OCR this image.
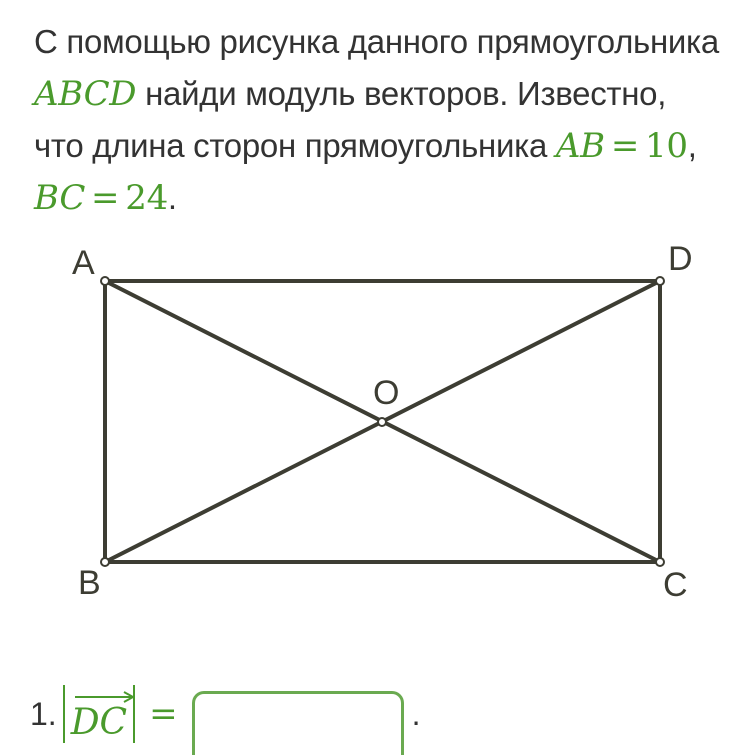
С помощью рисунка данного прямоугольника
ABCD найди модуль векторов. Известно,
что длина сторон прямоугольника AB = 10,
BC = 24.
A	D
O
B	C
1. DC =	.
